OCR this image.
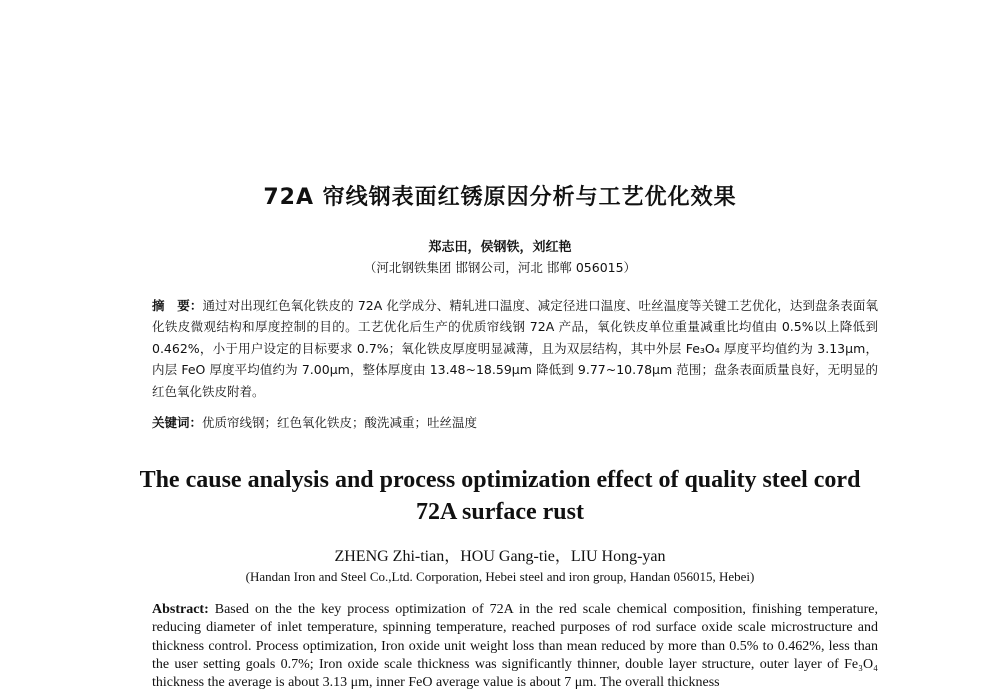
72A 帘线钢表面红锈原因分析与工艺优化效果
郑志田，侯钢铁，刘红艳
（河北钢铁集团 邯钢公司，河北 邯郸 056015）
摘　要：通过对出现红色氧化铁皮的 72A 化学成分、精轧进口温度、减定径进口温度、吐丝温度等关键工艺优化，达到盘条表面氧化铁皮微观结构和厚度控制的目的。工艺优化后生产的优质帘线钢 72A 产品，氧化铁皮单位重量减重比均值由 0.5%以上降低到 0.462%，小于用户设定的目标要求 0.7%；氧化铁皮厚度明显减薄，且为双层结构，其中外层 Fe₃O₄ 厚度平均值约为 3.13μm，内层 FeO 厚度平均值约为 7.00μm，整体厚度由 13.48~18.59μm 降低到 9.77~10.78μm 范围；盘条表面质量良好，无明显的红色氧化铁皮附着。
关键词：优质帘线钢；红色氧化铁皮；酸洗减重；吐丝温度
The cause analysis and process optimization effect of quality steel cord
72A surface rust
ZHENG Zhi-tian，HOU Gang-tie，LIU Hong-yan
(Handan Iron and Steel Co.,Ltd. Corporation, Hebei steel and iron group, Handan 056015, Hebei)
Abstract: Based on the the key process optimization of 72A in the red scale chemical composition, finishing temperature, reducing diameter of inlet temperature, spinning temperature, reached purposes of rod surface oxide scale microstructure and thickness control. Process optimization, Iron oxide unit weight loss than mean reduced by more than 0.5% to 0.462%, less than the user setting goals 0.7%; Iron oxide scale thickness was significantly thinner, double layer structure, outer layer of Fe₃O₄ thickness the average is about 3.13 μm, inner FeO average value is about 7 μm. The overall thickness
